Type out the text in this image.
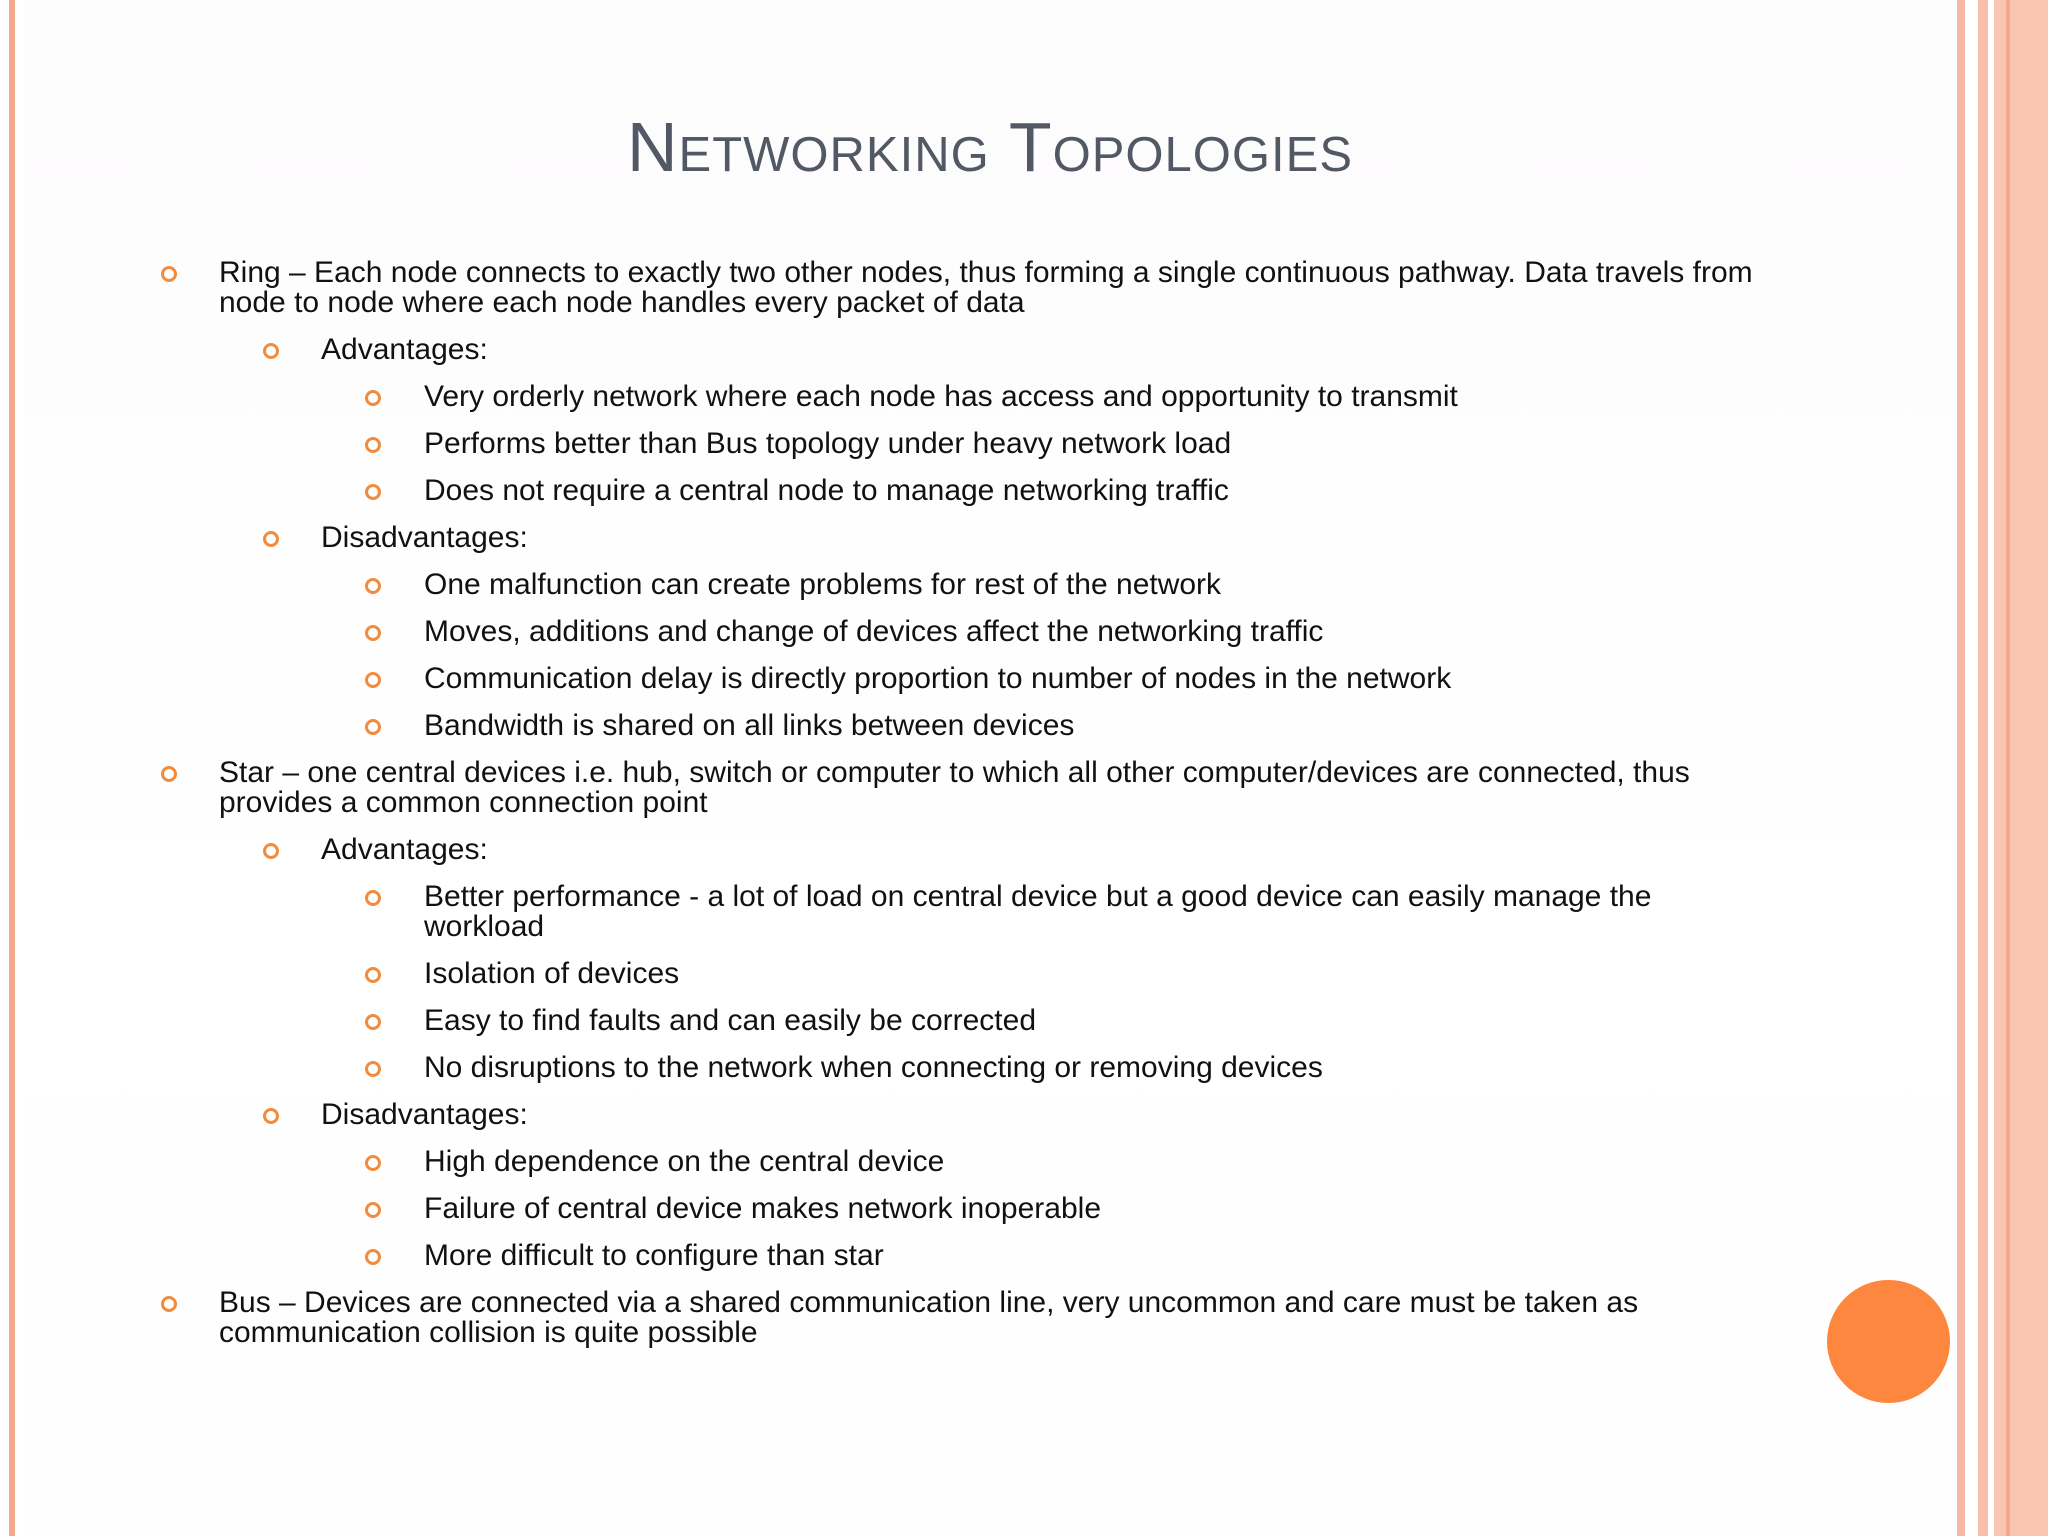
Networking Topologies
Ring – Each node connects to exactly two other nodes, thus forming a single continuous pathway. Data travels from node to node where each node handles every packet of data
Advantages:
Very orderly network where each node has access and opportunity to transmit
Performs better than Bus topology under heavy network load
Does not require a central node to manage networking traffic
Disadvantages:
One malfunction can create problems for rest of the network
Moves, additions and change of devices affect the networking traffic
Communication delay is directly proportion to number of nodes in the network
Bandwidth is shared on all links between devices
Star – one central devices i.e. hub, switch or computer to which all other computer/devices are connected, thus provides a common connection point
Advantages:
Better performance - a lot of load on central device but a good device can easily manage the workload
Isolation of devices
Easy to find faults and can easily be corrected
No disruptions to the network when connecting or removing devices
Disadvantages:
High dependence on the central device
Failure of central device makes network inoperable
More difficult to configure than star
Bus – Devices are connected via a shared communication line, very uncommon and care must be taken as communication collision is quite possible
